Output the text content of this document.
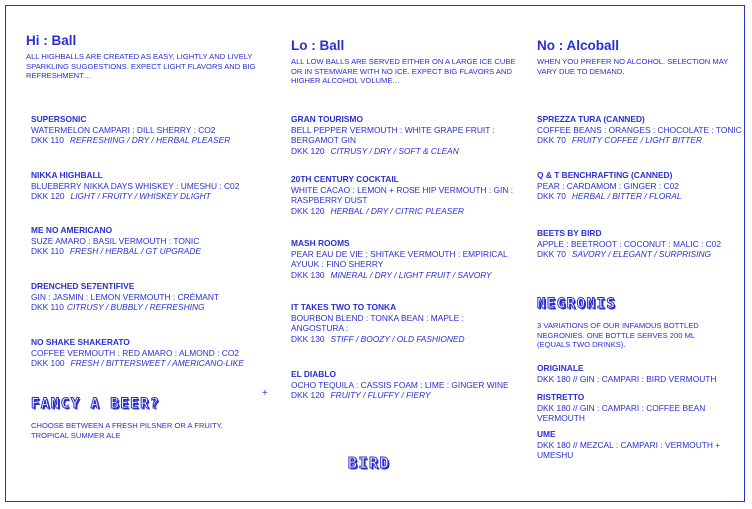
Hi : Ball
ALL HIGHBALLS ARE CREATED AS EASY, LIGHTLY AND LIVELY SPARKLING SUGGESTIONS. EXPECT LIGHT FLAVORS AND BIG REFRESHMENT…
SUPERSONIC
WATERMELON CAMPARI : DILL SHERRY : CO2
DKK 110 REFRESHING / DRY / HERBAL PLEASER
NIKKA HIGHBALL
BLUEBERRY NIKKA DAYS WHISKEY : UMESHU : C02
DKK 120 LIGHT / FRUITY / WHISKEY DLIGHT
ME NO AMERICANO
SUZE AMARO : BASIL VERMOUTH : TONIC
DKK 110 FRESH / HERBAL / GT UPGRADE
DRENCHED SE7ENTIFIVE
GIN : JASMIN : LEMON VERMOUTH : CRÉMANT
DKK 110 CITRUSY / BUBBLY / REFRESHING
NO SHAKE SHAKERATO
COFFEE VERMOUTH : RED AMARO : ALMOND : CO2
DKK 100 FRESH / BITTERSWEET / AMERICANO-LIKE
FANCY A BEER?
CHOOSE BETWEEN A FRESH PILSNER OR A FRUITY, TROPICAL SUMMER ALE
+
Lo : Ball
ALL LOW BALLS ARE SERVED EITHER ON A LARGE ICE CUBE OR IN STEMWARE WITH NO ICE. EXPECT BIG FLAVORS AND HIGHER ALCOHOL VOLUME…
GRAN TOURISMO
BELL PEPPER VERMOUTH : WHITE GRAPE FRUIT : BERGAMOT GIN
DKK 120 CITRUSY / DRY / SOFT & CLEAN
20TH CENTURY COCKTAIL
WHITE CACAO : LEMON + ROSE HIP VERMOUTH : GIN : RASPBERRY DUST
DKK 120 HERBAL / DRY / CITRIC PLEASER
MASH ROOMS
PEAR EAU DE VIE : SHITAKE VERMOUTH : EMPIRICAL AYUUK : FINO SHERRY
DKK 130 MINERAL / DRY / LIGHT FRUIT / SAVORY
IT TAKES TWO TO TONKA
BOURBON BLEND : TONKA BEAN : MAPLE : ANGOSTURA :
DKK 130 STIFF / BOOZY / OLD FASHIONED
EL DIABLO
OCHO TEQUILA : CASSIS FOAM : LIME : GINGER WINE
DKK 120 FRUITY / FLUFFY / FIERY
BIRD
No : Alcoball
WHEN YOU PREFER NO ALCOHOL. SELECTION MAY VARY DUE TO DEMAND.
SPREZZA TURA (CANNED)
COFFEE BEANS : ORANGES : CHOCOLATE : TONIC
DKK 70 FRUITY COFFEE / LIGHT BITTER
Q & T BENCHRAFTING (CANNED)
PEAR : CARDAMOM : GINGER : C02
DKK 70 HERBAL / BITTER / FLORAL
BEETS BY BIRD
APPLE : BEETROOT : COCONUT : MALIC : C02
DKK 70 SAVORY / ELEGANT / SURPRISING
NEGRONIS
3 VARIATIONS OF OUR INFAMOUS BOTTLED NEGRONIES. ONE BOTTLE SERVES 200 ML (EQUALS TWO DRINKS).
ORIGINALE
DKK 180 // GIN : CAMPARI : BIRD VERMOUTH
RISTRETTO
DKK 180 // GIN : CAMPARI : COFFEE BEAN VERMOUTH
UME
DKK 180 // MEZCAL : CAMPARI : VERMOUTH + UMESHU
